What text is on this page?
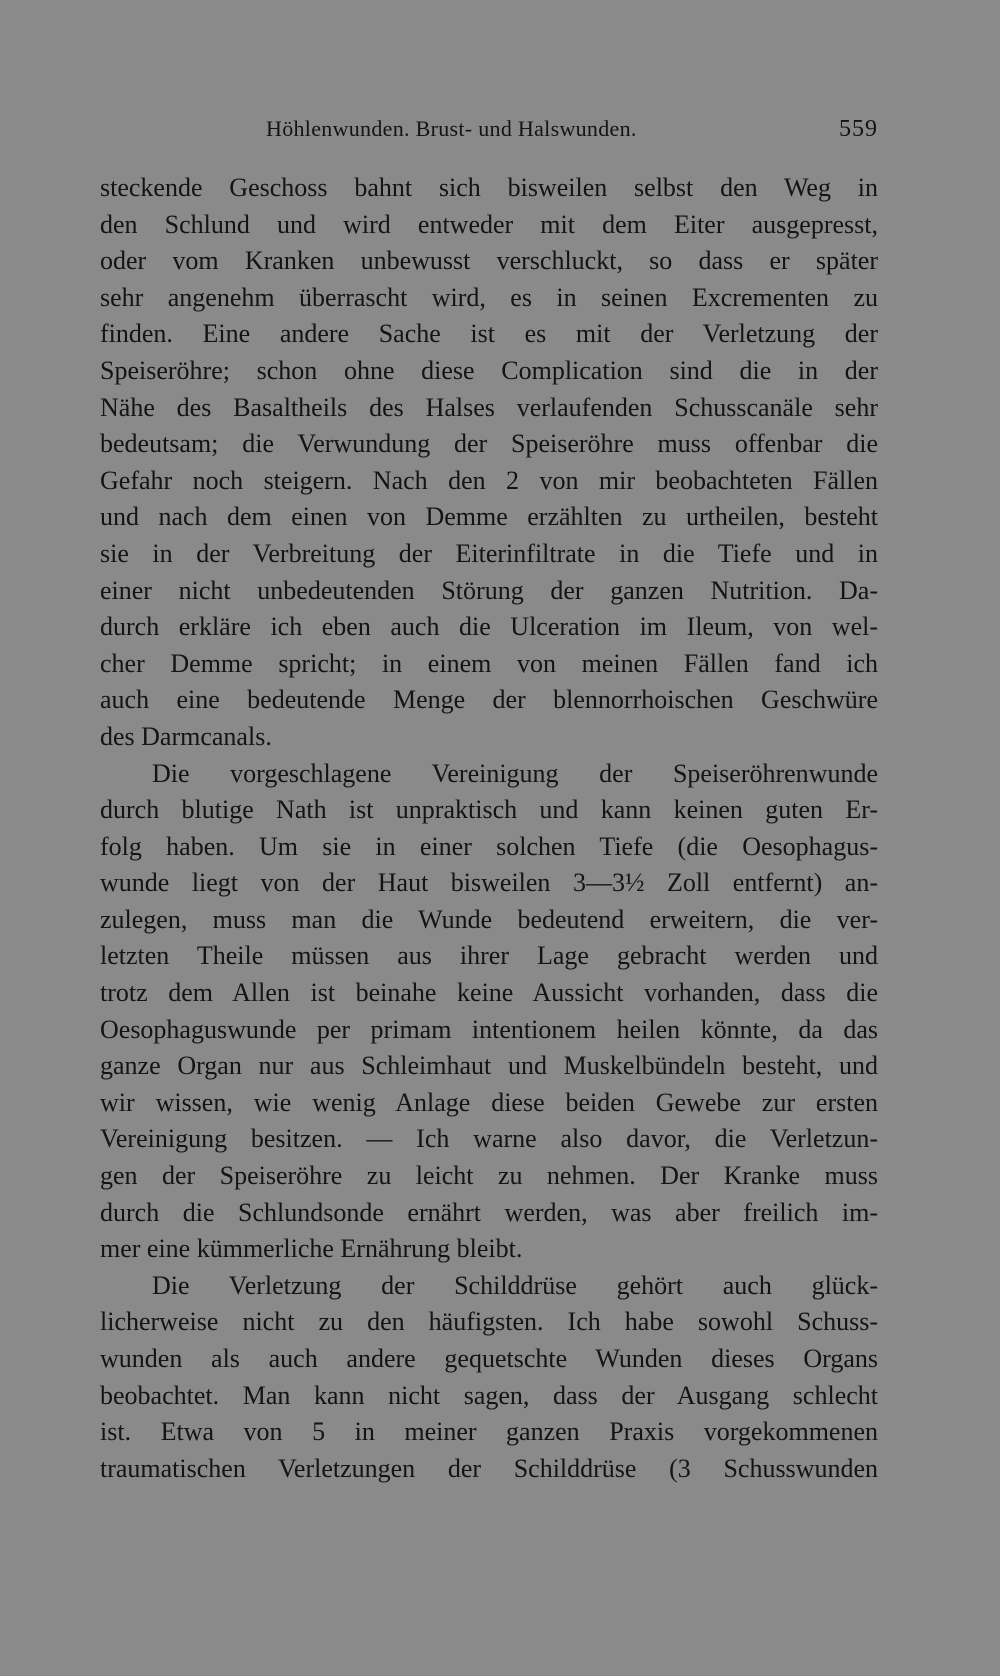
Höhlenwunden. Brust- und Halswunden.	559
steckende Geschoss bahnt sich bisweilen selbst den Weg in
den Schlund und wird entweder mit dem Eiter ausgepresst,
oder vom Kranken unbewusst verschluckt, so dass er später
sehr angenehm überrascht wird, es in seinen Excrementen zu
finden. Eine andere Sache ist es mit der Verletzung der
Speiseröhre; schon ohne diese Complication sind die in der
Nähe des Basaltheils des Halses verlaufenden Schusscanäle sehr
bedeutsam; die Verwundung der Speiseröhre muss offenbar die
Gefahr noch steigern. Nach den 2 von mir beobachteten Fällen
und nach dem einen von Demme erzählten zu urtheilen, besteht
sie in der Verbreitung der Eiterinfiltrate in die Tiefe und in
einer nicht unbedeutenden Störung der ganzen Nutrition. Da-
durch erkläre ich eben auch die Ulceration im Ileum, von wel-
cher Demme spricht; in einem von meinen Fällen fand ich
auch eine bedeutende Menge der blennorrhoischen Geschwüre
des Darmcanals.
Die vorgeschlagene Vereinigung der Speiseröhrenwunde
durch blutige Nath ist unpraktisch und kann keinen guten Er-
folg haben. Um sie in einer solchen Tiefe (die Oesophagus-
wunde liegt von der Haut bisweilen 3—3½ Zoll entfernt) an-
zulegen, muss man die Wunde bedeutend erweitern, die ver-
letzten Theile müssen aus ihrer Lage gebracht werden und
trotz dem Allen ist beinahe keine Aussicht vorhanden, dass die
Oesophaguswunde per primam intentionem heilen könnte, da das
ganze Organ nur aus Schleimhaut und Muskelbündeln besteht, und
wir wissen, wie wenig Anlage diese beiden Gewebe zur ersten
Vereinigung besitzen. — Ich warne also davor, die Verletzun-
gen der Speiseröhre zu leicht zu nehmen. Der Kranke muss
durch die Schlundsonde ernährt werden, was aber freilich im-
mer eine kümmerliche Ernährung bleibt.
Die Verletzung der Schilddrüse gehört auch glück-
licherweise nicht zu den häufigsten. Ich habe sowohl Schuss-
wunden als auch andere gequetschte Wunden dieses Organs
beobachtet. Man kann nicht sagen, dass der Ausgang schlecht
ist. Etwa von 5 in meiner ganzen Praxis vorgekommenen
traumatischen Verletzungen der Schilddrüse (3 Schusswunden
